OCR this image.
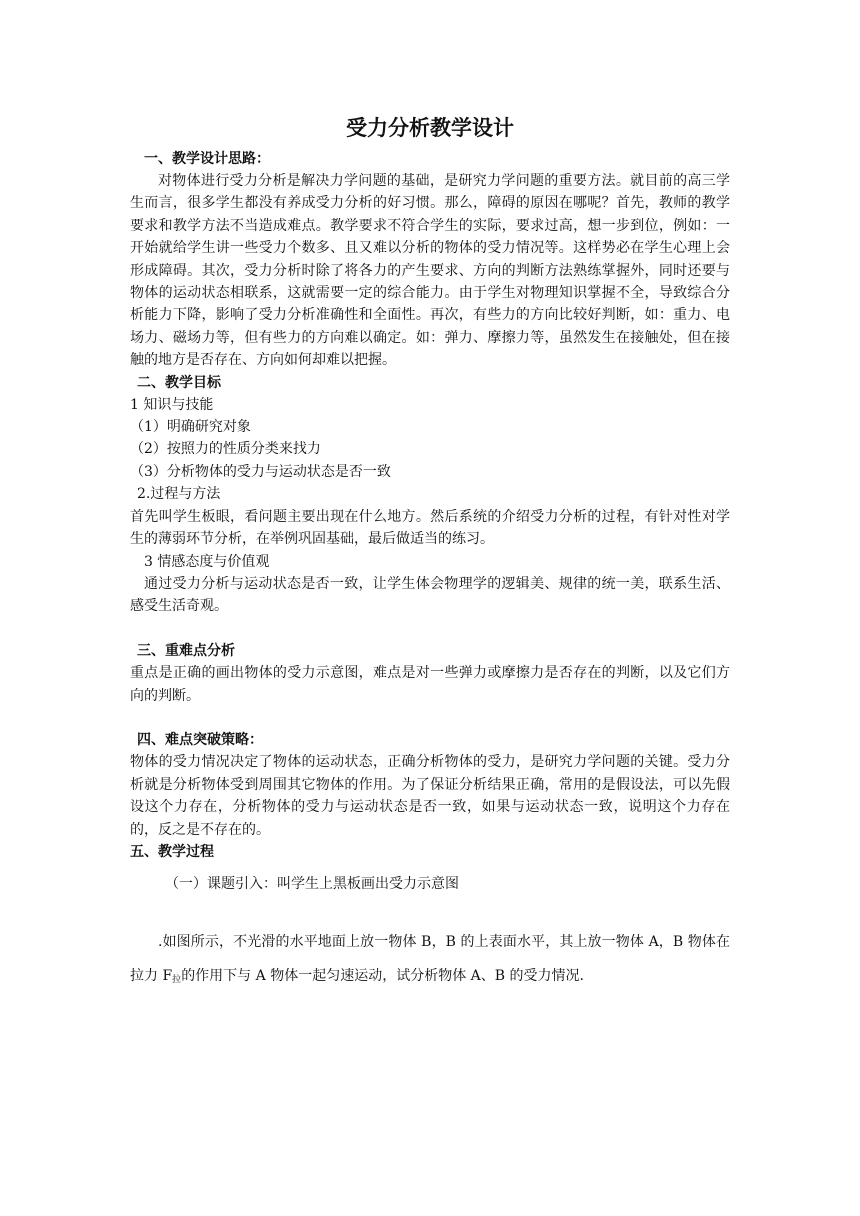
受力分析教学设计
一、教学设计思路：

对物体进行受力分析是解决力学问题的基础，是研究力学问题的重要方法。就目前的高三学生而言，很多学生都没有养成受力分析的好习惯。那么，障碍的原因在哪呢？首先，教师的教学要求和教学方法不当造成难点。教学要求不符合学生的实际，要求过高，想一步到位，例如：一开始就给学生讲一些受力个数多、且又难以分析的物体的受力情况等。这样势必在学生心理上会形成障碍。其次，受力分析时除了将各力的产生要求、方向的判断方法熟练掌握外，同时还要与物体的运动状态相联系，这就需要一定的综合能力。由于学生对物理知识掌握不全，导致综合分析能力下降，影响了受力分析准确性和全面性。再次，有些力的方向比较好判断，如：重力、电场力、磁场力等，但有些力的方向难以确定。如：弹力、摩擦力等，虽然发生在接触处，但在接触的地方是否存在、方向如何却难以把握。

二、教学目标
1 知识与技能
（1）明确研究对象
（2）按照力的性质分类来找力
（3）分析物体的受力与运动状态是否一致
2.过程与方法

首先叫学生板眼，看问题主要出现在什么地方。然后系统的介绍受力分析的过程，有针对性对学生的薄弱环节分析，在举例巩固基础，最后做适当的练习。

3 情感态度与价值观

通过受力分析与运动状态是否一致，让学生体会物理学的逻辑美、规律的统一美，联系生活、感受生活奇观。

三、重难点分析

重点是正确的画出物体的受力示意图，难点是对一些弹力或摩擦力是否存在的判断，以及它们方向的判断。

四、难点突破策略：

物体的受力情况决定了物体的运动状态，正确分析物体的受力，是研究力学问题的关键。受力分析就是分析物体受到周围其它物体的作用。为了保证分析结果正确，常用的是假设法，可以先假设这个力存在，分析物体的受力与运动状态是否一致，如果与运动状态一致，说明这个力存在的，反之是不存在的。

五、教学过程
（一）课题引入：叫学生上黑板画出受力示意图

.如图所示，不光滑的水平地面上放一物体 B，B 的上表面水平，其上放一物体 A，B 物体在拉力 $F_拉$的作用下与 A 物体一起匀速运动，试分析物体 A、B 的受力情况.
